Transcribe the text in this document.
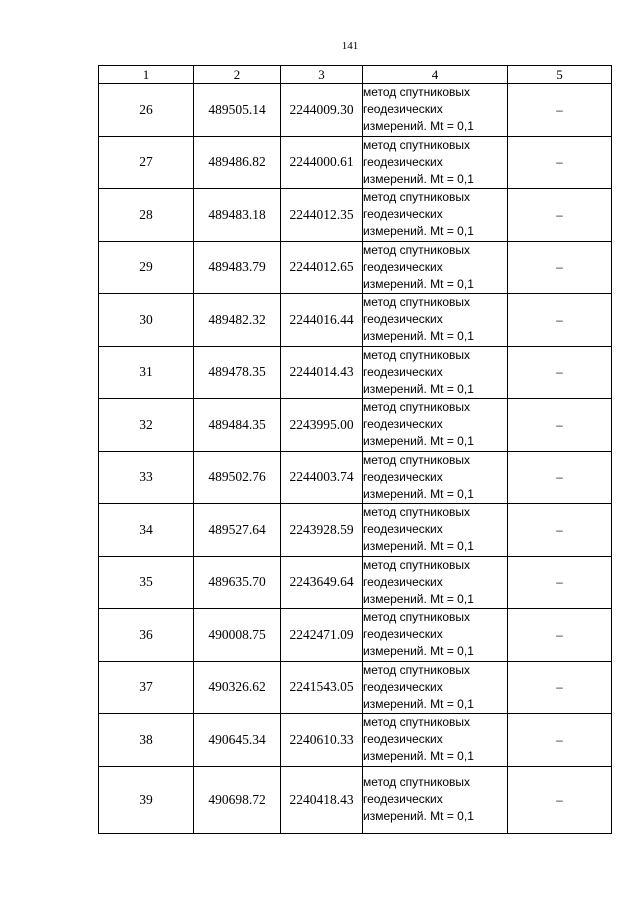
141
1	2	3	4	5
26	489505.14	2244009.30	метод спутниковых
геодезических
измерений. Mt = 0,1	–
27	489486.82	2244000.61	метод спутниковых
геодезических
измерений. Mt = 0,1	–
28	489483.18	2244012.35	метод спутниковых
геодезических
измерений. Mt = 0,1	–
29	489483.79	2244012.65	метод спутниковых
геодезических
измерений. Mt = 0,1	–
30	489482.32	2244016.44	метод спутниковых
геодезических
измерений. Mt = 0,1	–
31	489478.35	2244014.43	метод спутниковых
геодезических
измерений. Mt = 0,1	–
32	489484.35	2243995.00	метод спутниковых
геодезических
измерений. Mt = 0,1	–
33	489502.76	2244003.74	метод спутниковых
геодезических
измерений. Mt = 0,1	–
34	489527.64	2243928.59	метод спутниковых
геодезических
измерений. Mt = 0,1	–
35	489635.70	2243649.64	метод спутниковых
геодезических
измерений. Mt = 0,1	–
36	490008.75	2242471.09	метод спутниковых
геодезических
измерений. Mt = 0,1	–
37	490326.62	2241543.05	метод спутниковых
геодезических
измерений. Mt = 0,1	–
38	490645.34	2240610.33	метод спутниковых
геодезических
измерений. Mt = 0,1	–
39	490698.72	2240418.43	метод спутниковых
геодезических
измерений. Mt = 0,1	–
